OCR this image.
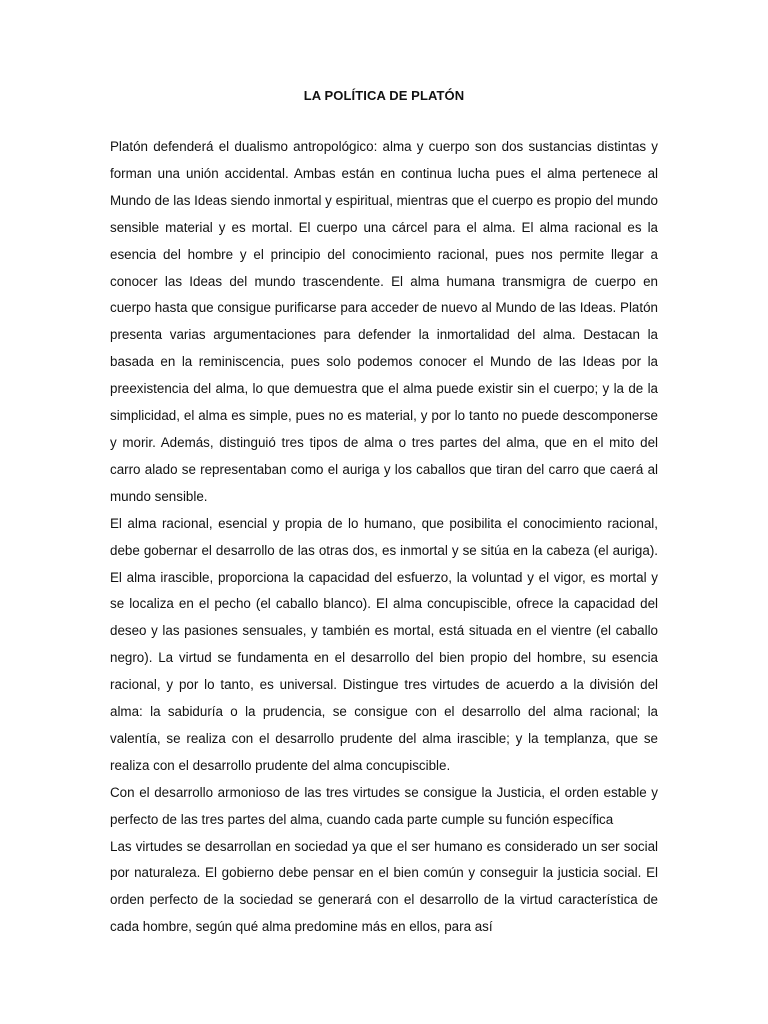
LA POLÍTICA DE PLATÓN

Platón defenderá el dualismo antropológico: alma y cuerpo son dos sustancias distintas y forman una unión accidental. Ambas están en continua lucha pues el alma pertenece al Mundo de las Ideas siendo inmortal y espiritual, mientras que el cuerpo es propio del mundo sensible material y es mortal. El cuerpo una cárcel para el alma. El alma racional es la esencia del hombre y el principio del conocimiento racional, pues nos permite llegar a conocer las Ideas del mundo trascendente. El alma humana transmigra de cuerpo en cuerpo hasta que consigue purificarse para acceder de nuevo al Mundo de las Ideas. Platón presenta varias argumentaciones para defender la inmortalidad del alma. Destacan la basada en la reminiscencia, pues solo podemos conocer el Mundo de las Ideas por la preexistencia del alma, lo que demuestra que el alma puede existir sin el cuerpo; y la de la simplicidad, el alma es simple, pues no es material, y por lo tanto no puede descomponerse y morir. Además, distinguió tres tipos de alma o tres partes del alma, que en el mito del carro alado se representaban como el auriga y los caballos que tiran del carro que caerá al mundo sensible.

El alma racional, esencial y propia de lo humano, que posibilita el conocimiento racional, debe gobernar el desarrollo de las otras dos, es inmortal y se sitúa en la cabeza (el auriga). El alma irascible, proporciona la capacidad del esfuerzo, la voluntad y el vigor, es mortal y se localiza en el pecho (el caballo blanco). El alma concupiscible, ofrece la capacidad del deseo y las pasiones sensuales, y también es mortal, está situada en el vientre (el caballo negro). La virtud se fundamenta en el desarrollo del bien propio del hombre, su esencia racional, y por lo tanto, es universal. Distingue tres virtudes de acuerdo a la división del alma: la sabiduría o la prudencia, se consigue con el desarrollo del alma racional; la valentía, se realiza con el desarrollo prudente del alma irascible; y la templanza, que se realiza con el desarrollo prudente del alma concupiscible.

Con el desarrollo armonioso de las tres virtudes se consigue la Justicia, el orden estable y perfecto de las tres partes del alma, cuando cada parte cumple su función específica

Las virtudes se desarrollan en sociedad ya que el ser humano es considerado un ser social por naturaleza. El gobierno debe pensar en el bien común y conseguir la justicia social. El orden perfecto de la sociedad se generará con el desarrollo de la virtud característica de cada hombre, según qué alma predomine más en ellos, para así
